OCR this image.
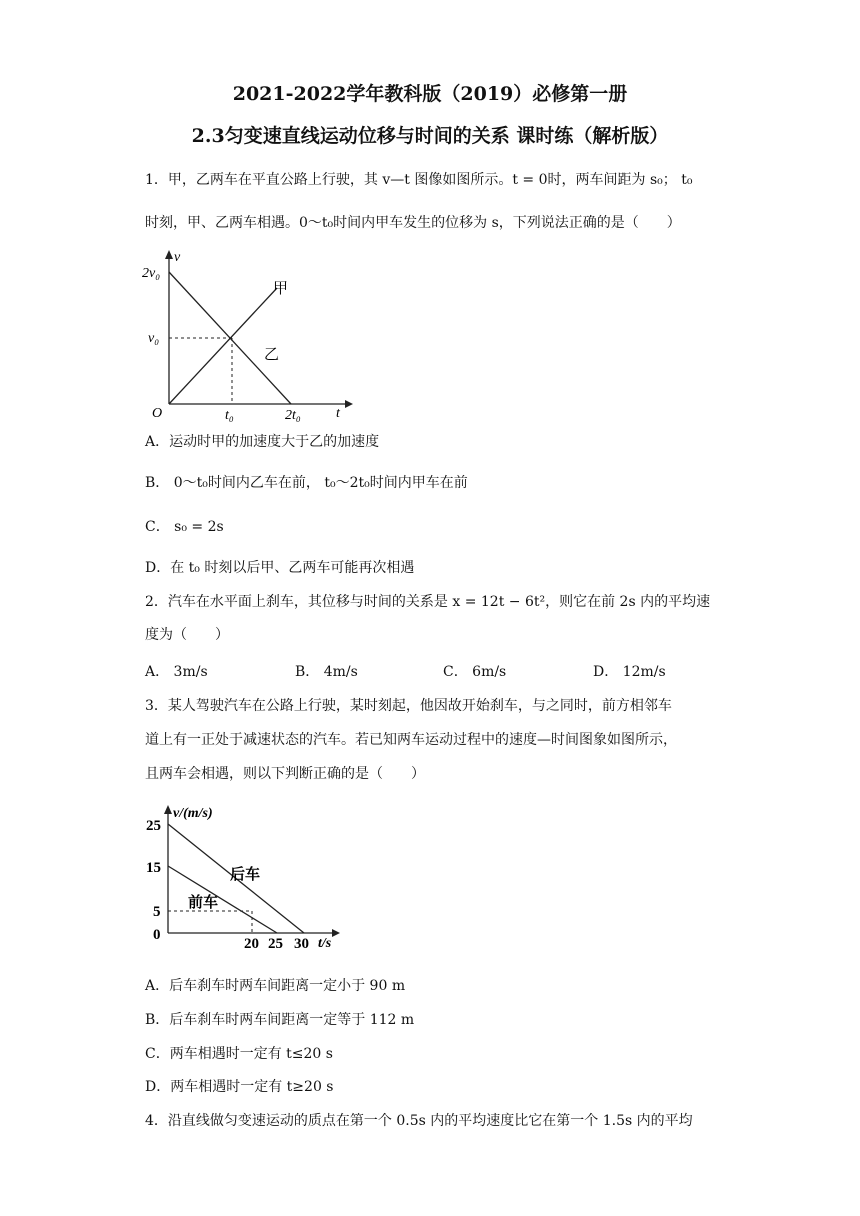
2021-2022学年教科版（2019）必修第一册
2.3匀变速直线运动位移与时间的关系 课时练（解析版）
1．甲，乙两车在平直公路上行驶，其 v—t 图像如图所示。t = 0时，两车间距为 s₀； t₀
时刻，甲、乙两车相遇。0～t₀时间内甲车发生的位移为 s，下列说法正确的是（　　）
v
t
O
2v₀
v₀
t₀	2t₀
甲
乙
A．运动时甲的加速度大于乙的加速度
B． 0～t₀时间内乙车在前， t₀～2t₀时间内甲车在前
C． s₀ = 2s
D．在 t₀ 时刻以后甲、乙两车可能再次相遇
2．汽车在水平面上刹车，其位移与时间的关系是 x = 12t − 6t²，则它在前 2s 内的平均速
度为（　　）
A． 3m/s	B． 4m/s	C． 6m/s	D． 12m/s
3．某人驾驶汽车在公路上行驶，某时刻起，他因故开始刹车，与之同时，前方相邻车
道上有一正处于减速状态的汽车。若已知两车运动过程中的速度—时间图象如图所示，
且两车会相遇，则以下判断正确的是（　　）
v/(m/s)
t/s
25
15
5
0
20 25 30
后车
前车
A．后车刹车时两车间距离一定小于 90 m
B．后车刹车时两车间距离一定等于 112 m
C．两车相遇时一定有 t≤20 s
D．两车相遇时一定有 t≥20 s
4．沿直线做匀变速运动的质点在第一个 0.5s 内的平均速度比它在第一个 1.5s 内的平均
